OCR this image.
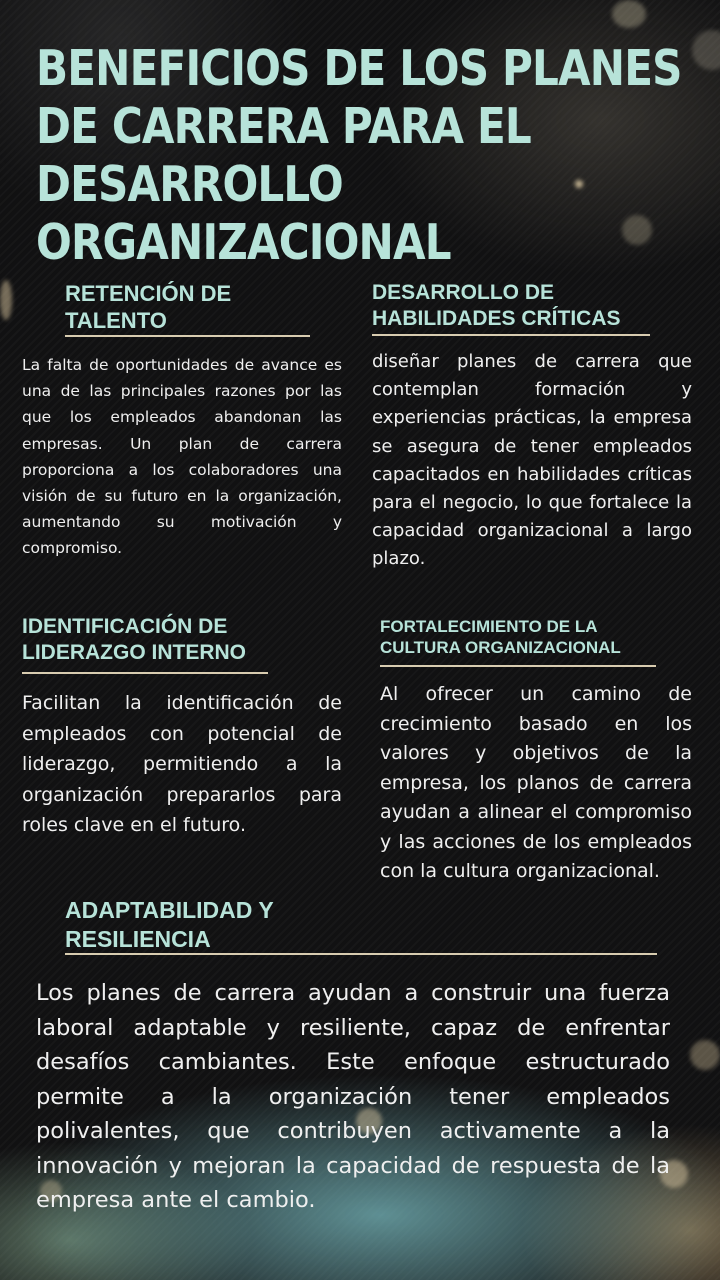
BENEFICIOS DE LOS PLANES DE CARRERA PARA EL DESARROLLO ORGANIZACIONAL
RETENCIÓN DE TALENTO

La falta de oportunidades de avance es una de las principales razones por las que los empleados abandonan las empresas. Un plan de carrera proporciona a los colaboradores una visión de su futuro en la organización, aumentando su motivación y compromiso.

DESARROLLO DE HABILIDADES CRÍTICAS

diseñar planes de carrera que contemplan formación y experiencias prácticas, la empresa se asegura de tener empleados capacitados en habilidades críticas para el negocio, lo que fortalece la capacidad organizacional a largo plazo.

IDENTIFICACIÓN DE LIDERAZGO INTERNO

Facilitan la identificación de empleados con potencial de liderazgo, permitiendo a la organización prepararlos para roles clave en el futuro.

FORTALECIMIENTO DE LA CULTURA ORGANIZACIONAL

Al ofrecer un camino de crecimiento basado en los valores y objetivos de la empresa, los planos de carrera ayudan a alinear el compromiso y las acciones de los empleados con la cultura organizacional.

ADAPTABILIDAD Y RESILIENCIA

Los planes de carrera ayudan a construir una fuerza laboral adaptable y resiliente, capaz de enfrentar desafíos cambiantes. Este enfoque estructurado permite a la organización tener empleados polivalentes, que contribuyen activamente a la innovación y mejoran la capacidad de respuesta de la empresa ante el cambio.
